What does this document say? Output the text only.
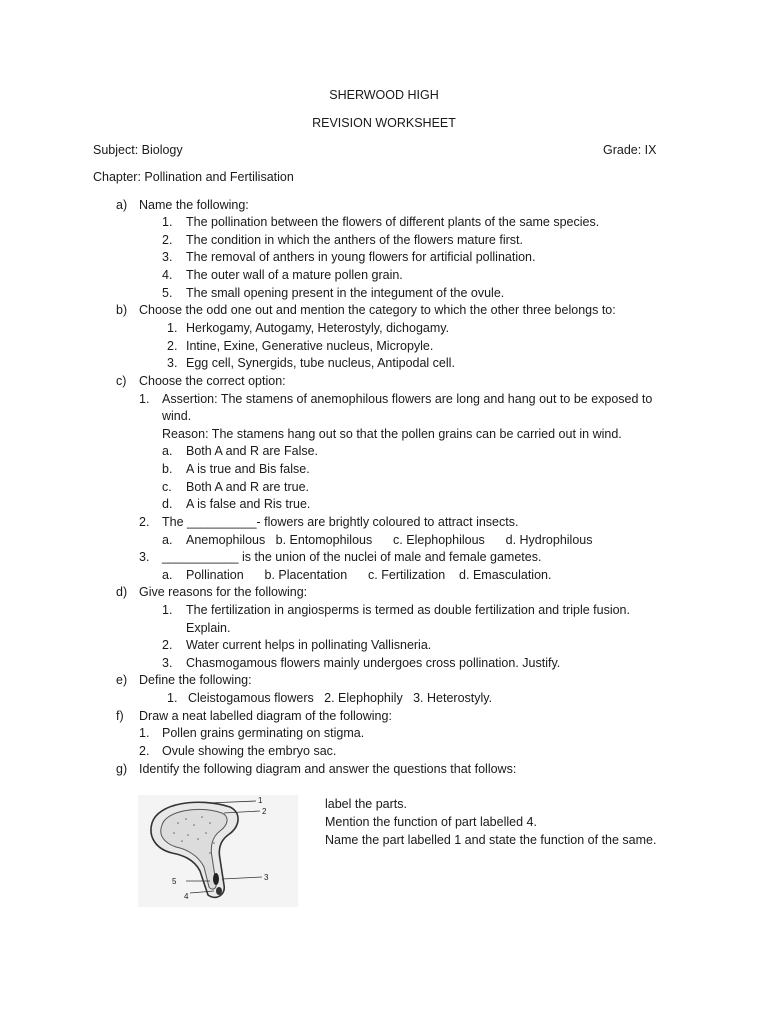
SHERWOOD HIGH
REVISION WORKSHEET
Subject: Biology	Grade: IX
Chapter: Pollination and Fertilisation
a) Name the following:
1. The pollination between the flowers of different plants of the same species.
2. The condition in which the anthers of the flowers mature first.
3. The removal of anthers in young flowers for artificial pollination.
4. The outer wall of a mature pollen grain.
5. The small opening present in the integument of the ovule.
b) Choose the odd one out and mention the category to which the other three belongs to:
1. Herkogamy, Autogamy, Heterostyly, dichogamy.
2. Intine, Exine, Generative nucleus, Micropyle.
3. Egg cell, Synergids, tube nucleus, Antipodal cell.
c) Choose the correct option:
1. Assertion: The stamens of anemophilous flowers are long and hang out to be exposed to
wind.
Reason: The stamens hang out so that the pollen grains can be carried out in wind.
a. Both A and R are False.
b. A is true and Bis false.
c. Both A and R are true.
d. A is false and Ris true.
2. The __________- flowers are brightly coloured to attract insects.
a. Anemophilous   b. Entomophilous      c. Elephophilous      d. Hydrophilous
3. ___________ is the union of the nuclei of male and female gametes.
a. Pollination      b. Placentation      c. Fertilization    d. Emasculation.
d) Give reasons for the following:
1. The fertilization in angiosperms is termed as double fertilization and triple fusion.
Explain.
2. Water current helps in pollinating Vallisneria.
3. Chasmogamous flowers mainly undergoes cross pollination. Justify.
e) Define the following:
1. Cleistogamous flowers   2. Elephophily   3. Heterostyly.
f) Draw a neat labelled diagram of the following:
1. Pollen grains germinating on stigma.
2. Ovule showing the embryo sac.
g) Identify the following diagram and answer the questions that follows:
label the parts.
Mention the function of part labelled 4.
Name the part labelled 1 and state the function of the same.
1
2
3
4
5
